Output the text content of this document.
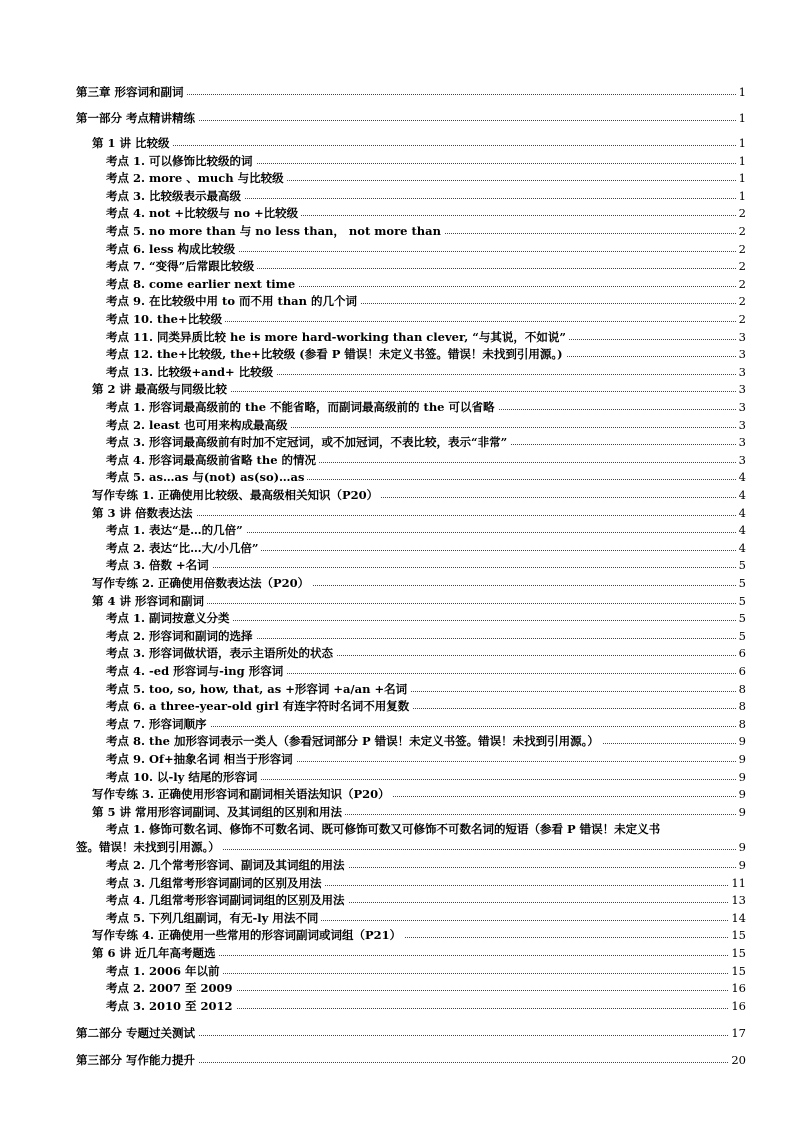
第三章 形容词和副词	1
第一部分 考点精讲精练	1
第 1 讲 比较级	1
考点 1. 可以修饰比较级的词	1
考点 2. more 、much 与比较级	1
考点 3. 比较级表示最高级	1
考点 4. not +比较级与 no +比较级	2
考点 5. no more than 与 no less than， not more than	2
考点 6. less 构成比较级	2
考点 7. “变得”后常跟比较级	2
考点 8. come earlier next time	2
考点 9. 在比较级中用 to 而不用 than 的几个词	2
考点 10. the+比较级	2
考点 11. 同类异质比较 he is more hard-working than clever, “与其说，不如说”	3
考点 12. the+比较级, the+比较级 (参看 P 错误！未定义书签。错误！未找到引用源。)	3
考点 13. 比较级+and+ 比较级	3
第 2 讲 最高级与同级比较	3
考点 1. 形容词最高级前的 the 不能省略，而副词最高级前的 the 可以省略	3
考点 2. least 也可用来构成最高级	3
考点 3. 形容词最高级前有时加不定冠词，或不加冠词，不表比较，表示“非常”	3
考点 4. 形容词最高级前省略 the 的情况	3
考点 5. as…as 与(not) as(so)…as	4
写作专练 1. 正确使用比较级、最高级相关知识（P20）	4
第 3 讲 倍数表达法	4
考点 1. 表达“是…的几倍”	4
考点 2. 表达“比…大/小几倍”	4
考点 3. 倍数 +名词	5
写作专练 2. 正确使用倍数表达法（P20）	5
第 4 讲 形容词和副词	5
考点 1. 副词按意义分类	5
考点 2. 形容词和副词的选择	5
考点 3. 形容词做状语，表示主语所处的状态	6
考点 4. -ed 形容词与-ing 形容词	6
考点 5. too, so, how, that, as +形容词 +a/an +名词	8
考点 6. a three-year-old girl 有连字符时名词不用复数	8
考点 7. 形容词顺序	8
考点 8. the 加形容词表示一类人（参看冠词部分 P 错误！未定义书签。错误！未找到引用源。）	9
考点 9. Of+抽象名词 相当于形容词	9
考点 10. 以-ly 结尾的形容词	9
写作专练 3. 正确使用形容词和副词相关语法知识（P20）	9
第 5 讲 常用形容词副词、及其词组的区别和用法	9
考点 1. 修饰可数名词、修饰不可数名词、既可修饰可数又可修饰不可数名词的短语（参看 P 错误！未定义书
签。错误！未找到引用源。）	9
考点 2. 几个常考形容词、副词及其词组的用法	9
考点 3. 几组常考形容词副词的区别及用法	11
考点 4. 几组常考形容词副词词组的区别及用法	13
考点 5. 下列几组副词，有无-ly 用法不同	14
写作专练 4. 正确使用一些常用的形容词副词或词组（P21）	15
第 6 讲 近几年高考题选	15
考点 1. 2006 年以前	15
考点 2. 2007 至 2009	16
考点 3. 2010 至 2012	16
第二部分 专题过关测试	17
第三部分 写作能力提升	20
